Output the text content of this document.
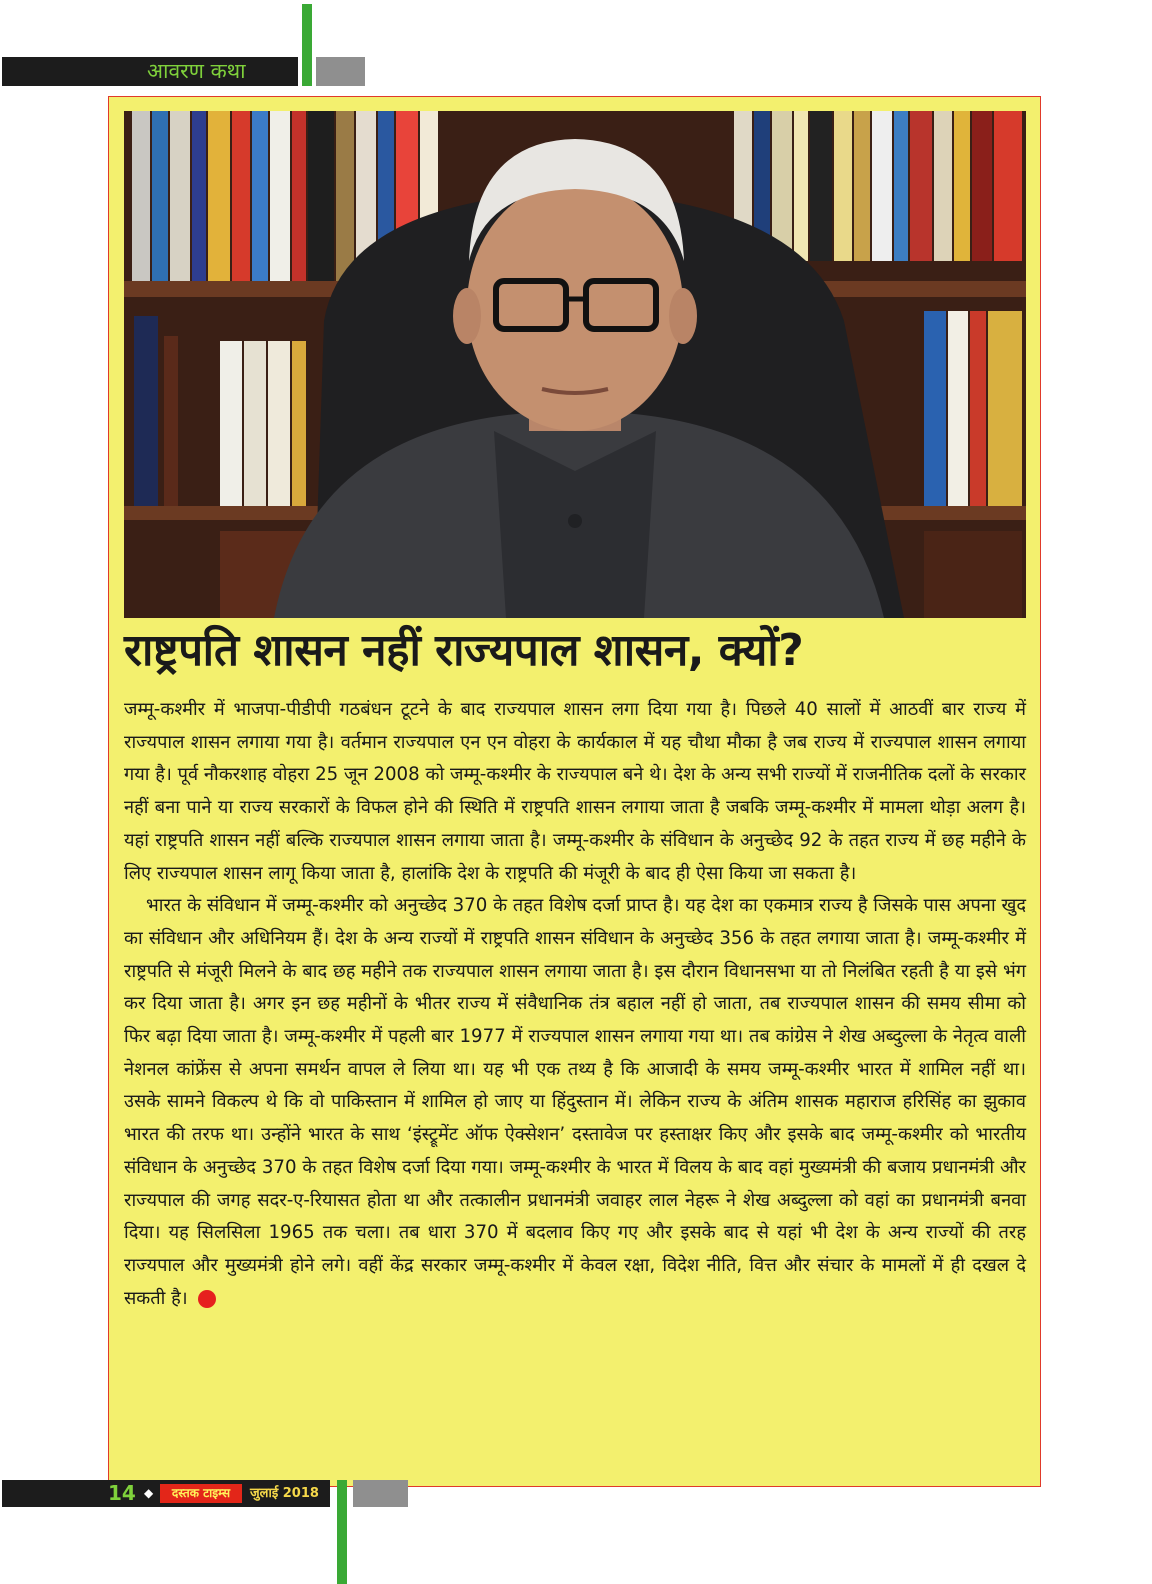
आवरण कथा
राष्ट्रपति शासन नहीं राज्यपाल शासन, क्यों?

जम्मू-कश्मीर में भाजपा-पीडीपी गठबंधन टूटने के बाद राज्यपाल शासन लगा दिया गया है। पिछले 40 सालों में आठवीं बार राज्य में राज्यपाल शासन लगाया गया है। वर्तमान राज्यपाल एन एन वोहरा के कार्यकाल में यह चौथा मौका है जब राज्य में राज्यपाल शासन लगाया गया है। पूर्व नौकरशाह वोहरा 25 जून 2008 को जम्मू-कश्मीर के राज्यपाल बने थे। देश के अन्य सभी राज्यों में राजनीतिक दलों के सरकार नहीं बना पाने या राज्य सरकारों के विफल होने की स्थिति में राष्ट्रपति शासन लगाया जाता है जबकि जम्मू-कश्मीर में मामला थोड़ा अलग है। यहां राष्ट्रपति शासन नहीं बल्कि राज्यपाल शासन लगाया जाता है। जम्मू-कश्मीर के संविधान के अनुच्छेद 92 के तहत राज्य में छह महीने के लिए राज्यपाल शासन लागू किया जाता है, हालांकि देश के राष्ट्रपति की मंजूरी के बाद ही ऐसा किया जा सकता है।

भारत के संविधान में जम्मू-कश्मीर को अनुच्छेद 370 के तहत विशेष दर्जा प्राप्त है। यह देश का एकमात्र राज्य है जिसके पास अपना खुद का संविधान और अधिनियम हैं। देश के अन्य राज्यों में राष्ट्रपति शासन संविधान के अनुच्छेद 356 के तहत लगाया जाता है। जम्मू-कश्मीर में राष्ट्रपति से मंजूरी मिलने के बाद छह महीने तक राज्यपाल शासन लगाया जाता है। इस दौरान विधानसभा या तो निलंबित रहती है या इसे भंग कर दिया जाता है। अगर इन छह महीनों के भीतर राज्य में संवैधानिक तंत्र बहाल नहीं हो जाता, तब राज्यपाल शासन की समय सीमा को फिर बढ़ा दिया जाता है। जम्मू-कश्मीर में पहली बार 1977 में राज्यपाल शासन लगाया गया था। तब कांग्रेस ने शेख अब्दुल्ला के नेतृत्व वाली नेशनल कांफ्रेंस से अपना समर्थन वापल ले लिया था। यह भी एक तथ्य है कि आजादी के समय जम्मू-कश्मीर भारत में शामिल नहीं था। उसके सामने विकल्प थे कि वो पाकिस्तान में शामिल हो जाए या हिंदुस्तान में। लेकिन राज्य के अंतिम शासक महाराज हरिसिंह का झुकाव भारत की तरफ था। उन्होंने भारत के साथ ‘इंस्ट्रूमेंट ऑफ ऐक्सेशन’ दस्तावेज पर हस्ताक्षर किए और इसके बाद जम्मू-कश्मीर को भारतीय संविधान के अनुच्छेद 370 के तहत विशेष दर्जा दिया गया। जम्मू-कश्मीर के भारत में विलय के बाद वहां मुख्यमंत्री की बजाय प्रधानमंत्री और राज्यपाल की जगह सदर-ए-रियासत होता था और तत्कालीन प्रधानमंत्री जवाहर लाल नेहरू ने शेख अब्दुल्ला को वहां का प्रधानमंत्री बनवा दिया। यह सिलसिला 1965 तक चला। तब धारा 370 में बदलाव किए गए और इसके बाद से यहां भी देश के अन्य राज्यों की तरह राज्यपाल और मुख्यमंत्री होने लगे। वहीं केंद्र सरकार जम्मू-कश्मीर में केवल रक्षा, विदेश नीति, वित्त और संचार के मामलों में ही दखल दे सकती है।

14 ◆	दस्तक टाइम्स	जुलाई 2018
